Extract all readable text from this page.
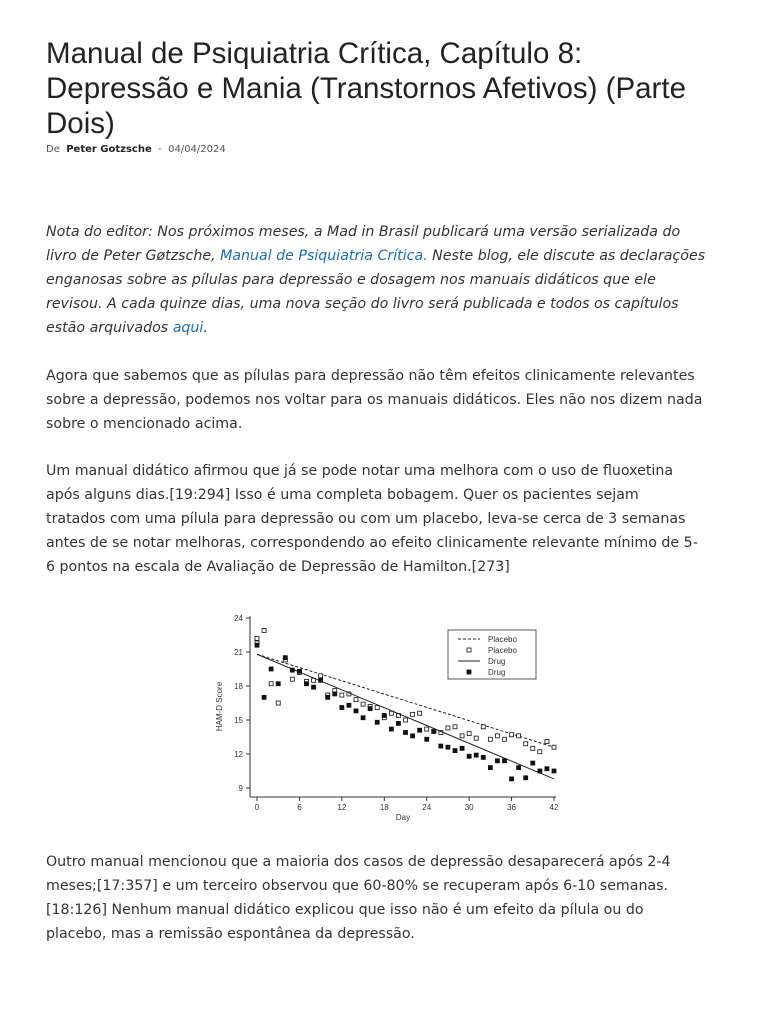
Manual de Psiquiatria Crítica, Capítulo 8:
Depressão e Mania (Transtornos Afetivos) (Parte
Dois)
De Peter Gotzsche - 04/04/2024

Nota do editor: Nos próximos meses, a Mad in Brasil publicará uma versão serializada do
livro de Peter Gøtzsche, Manual de Psiquiatria Crítica. Neste blog, ele discute as declarações
enganosas sobre as pílulas para depressão e dosagem nos manuais didáticos que ele
revisou. A cada quinze dias, uma nova seção do livro será publicada e todos os capítulos
estão arquivados aqui.

Agora que sabemos que as pílulas para depressão não têm efeitos clinicamente relevantes
sobre a depressão, podemos nos voltar para os manuais didáticos. Eles não nos dizem nada
sobre o mencionado acima.

Um manual didático afirmou que já se pode notar uma melhora com o uso de fluoxetina
após alguns dias.[19:294] Isso é uma completa bobagem. Quer os pacientes sejam
tratados com uma pílula para depressão ou com um placebo, leva-se cerca de 3 semanas
antes de se notar melhoras, correspondendo ao efeito clinicamente relevante mínimo de 5-
6 pontos na escala de Avaliação de Depressão de Hamilton.[273]

9
12
15
18
21
24
0	6	12	18	24	30	36	42
Day
HAM-D Score
Placebo
Placebo
Drug
Drug

Outro manual mencionou que a maioria dos casos de depressão desaparecerá após 2-4
meses;[17:357] e um terceiro observou que 60-80% se recuperam após 6-10 semanas.
[18:126] Nenhum manual didático explicou que isso não é um efeito da pílula ou do
placebo, mas a remissão espontânea da depressão.
